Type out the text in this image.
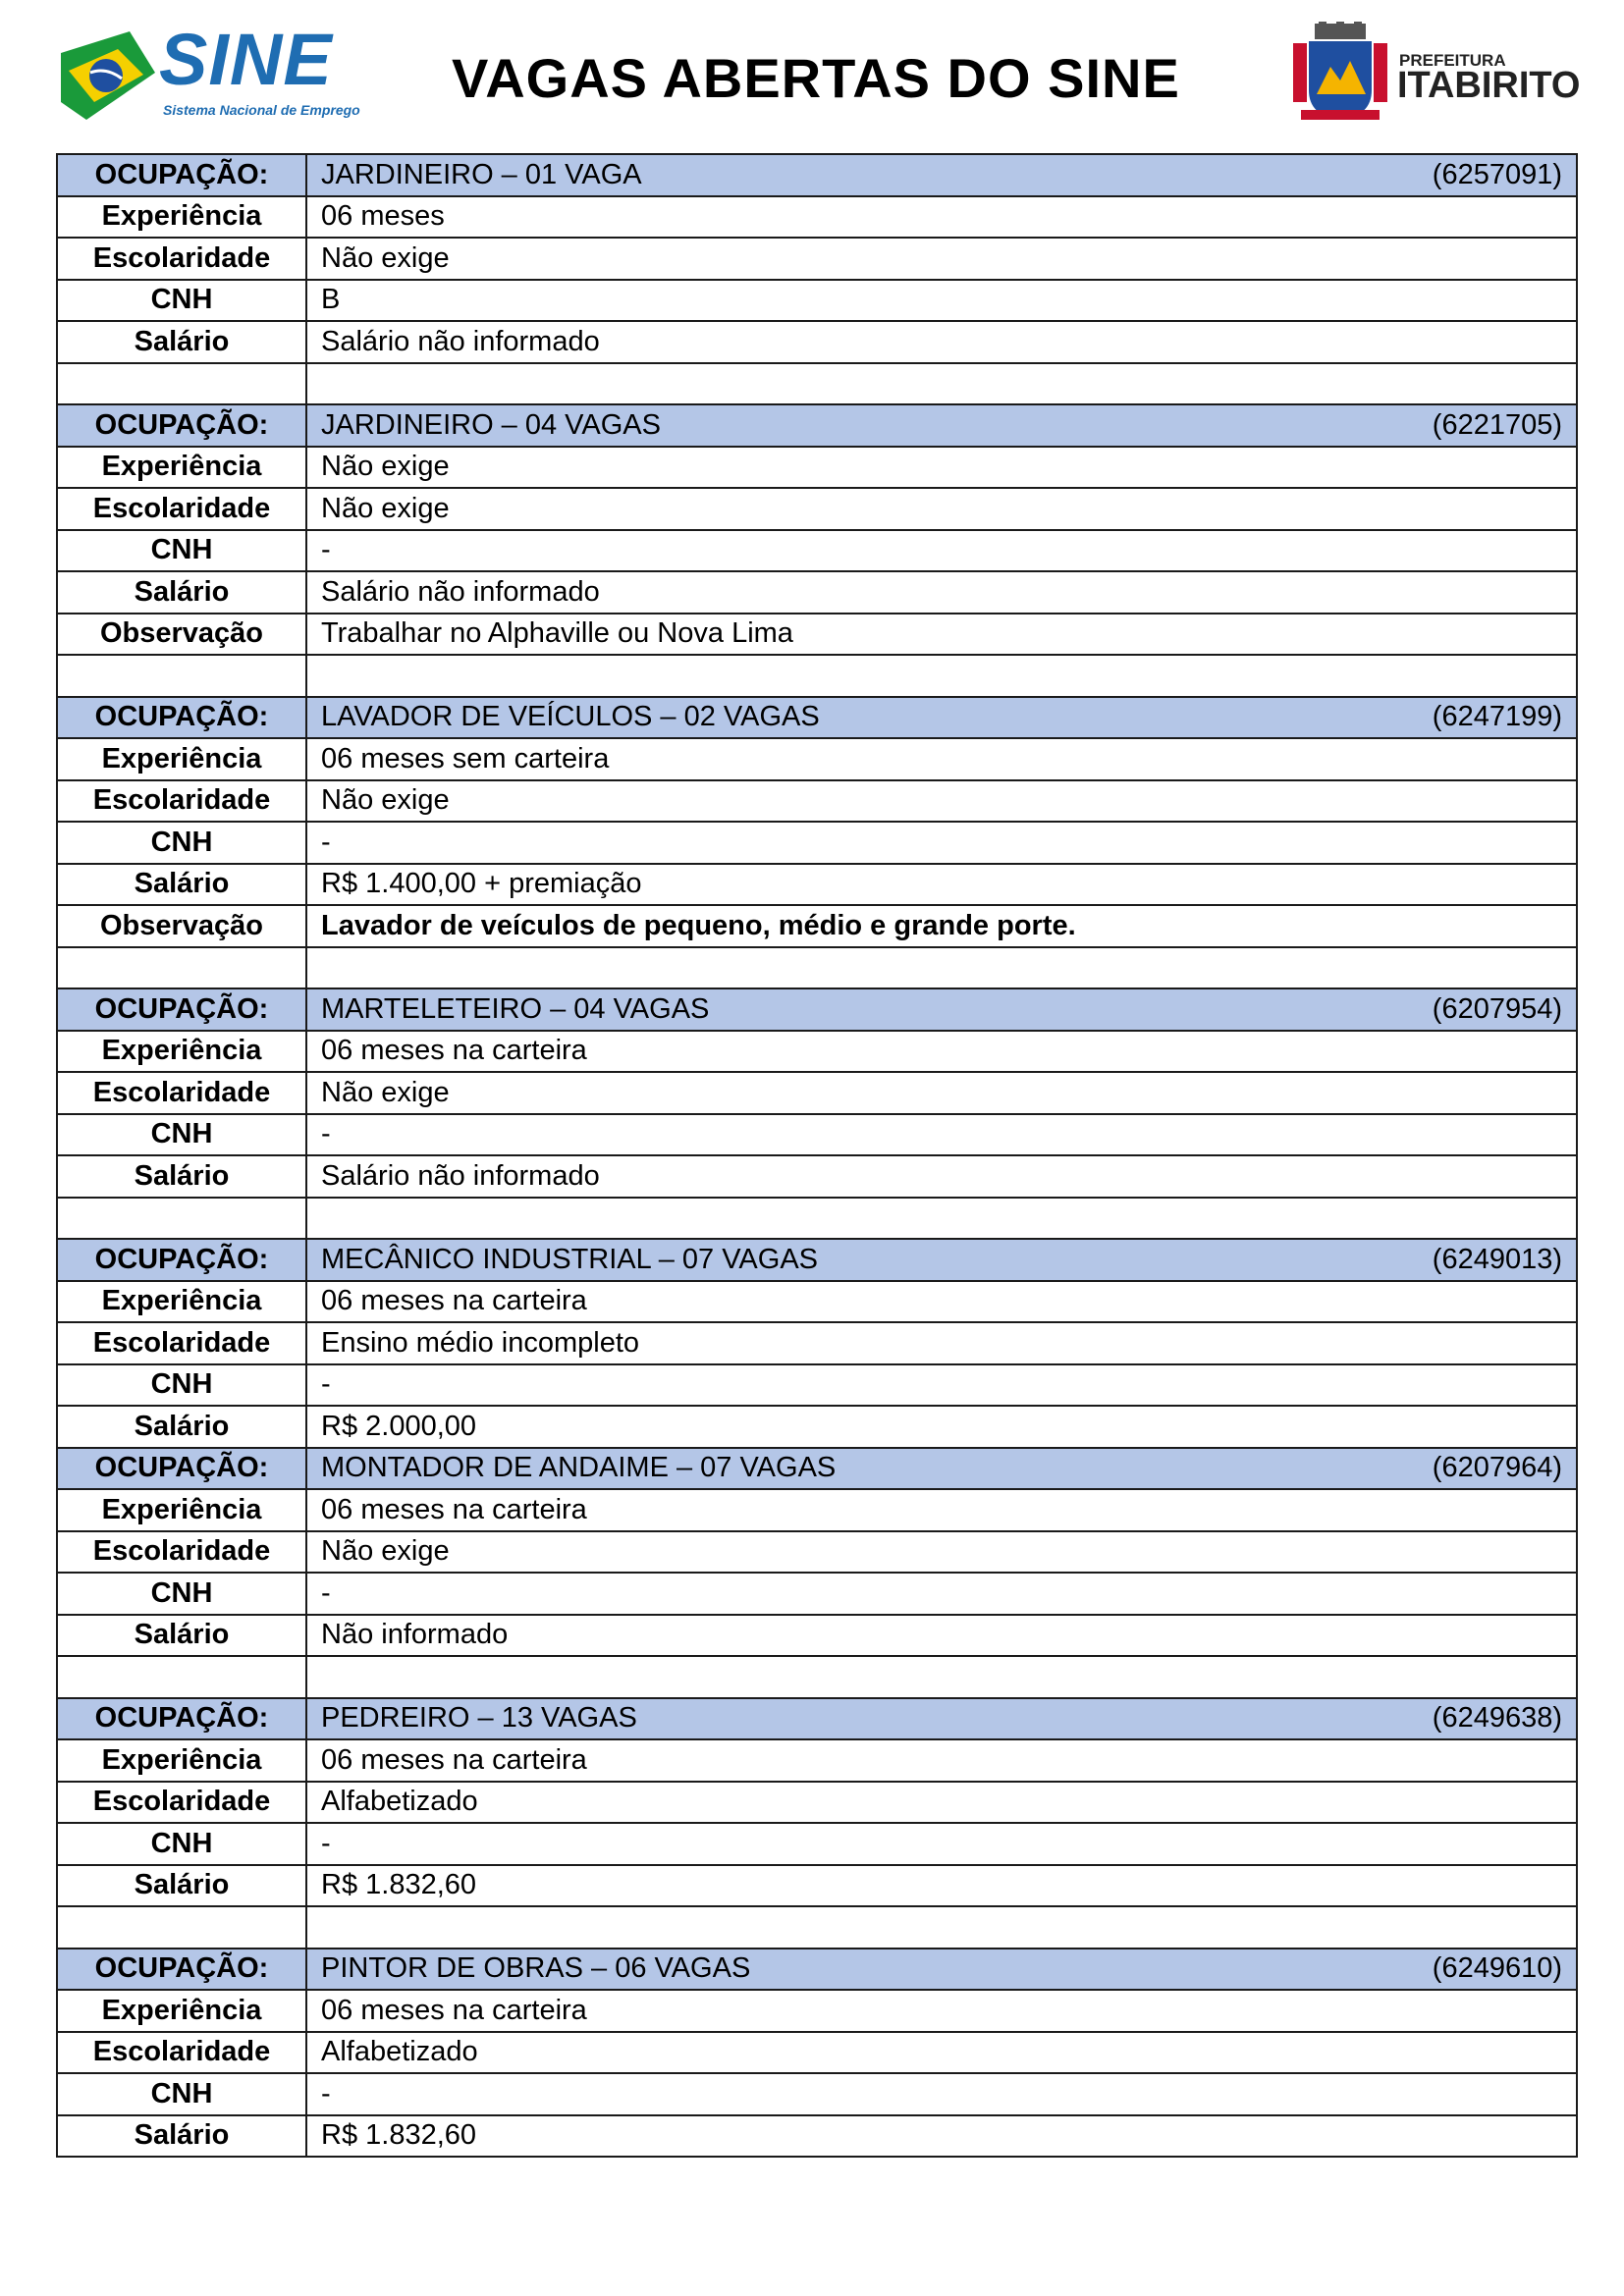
SINE
Sistema Nacional de Emprego
VAGAS ABERTAS DO SINE	PREFEITURA
ITABIRITO
OCUPAÇÃO:	JARDINEIRO – 01 VAGA (6257091)

Experiência	06 meses
Escolaridade	Não exige
CNH	B
Salário	Salário não informado

OCUPAÇÃO:	JARDINEIRO – 04 VAGAS (6221705)

Experiência	Não exige
Escolaridade	Não exige
CNH	-
Salário	Salário não informado
Observação	Trabalhar no Alphaville ou Nova Lima

OCUPAÇÃO:	LAVADOR DE VEÍCULOS – 02 VAGAS (6247199)

Experiência	06 meses sem carteira
Escolaridade	Não exige
CNH	-
Salário	R$ 1.400,00 + premiação
Observação	Lavador de veículos de pequeno, médio e grande porte.

OCUPAÇÃO:	MARTELETEIRO – 04 VAGAS (6207954)

Experiência	06 meses na carteira
Escolaridade	Não exige
CNH	-
Salário	Salário não informado

OCUPAÇÃO:	MECÂNICO INDUSTRIAL – 07 VAGAS (6249013)

Experiência	06 meses na carteira
Escolaridade	Ensino médio incompleto
CNH	-
Salário	R$ 2.000,00
OCUPAÇÃO:	MONTADOR DE ANDAIME – 07 VAGAS (6207964)

Experiência	06 meses na carteira
Escolaridade	Não exige
CNH	-
Salário	Não informado

OCUPAÇÃO:	PEDREIRO – 13 VAGAS (6249638)

Experiência	06 meses na carteira
Escolaridade	Alfabetizado
CNH	-
Salário	R$ 1.832,60

OCUPAÇÃO:	PINTOR DE OBRAS – 06 VAGAS (6249610)

Experiência	06 meses na carteira
Escolaridade	Alfabetizado
CNH	-
Salário	R$ 1.832,60
